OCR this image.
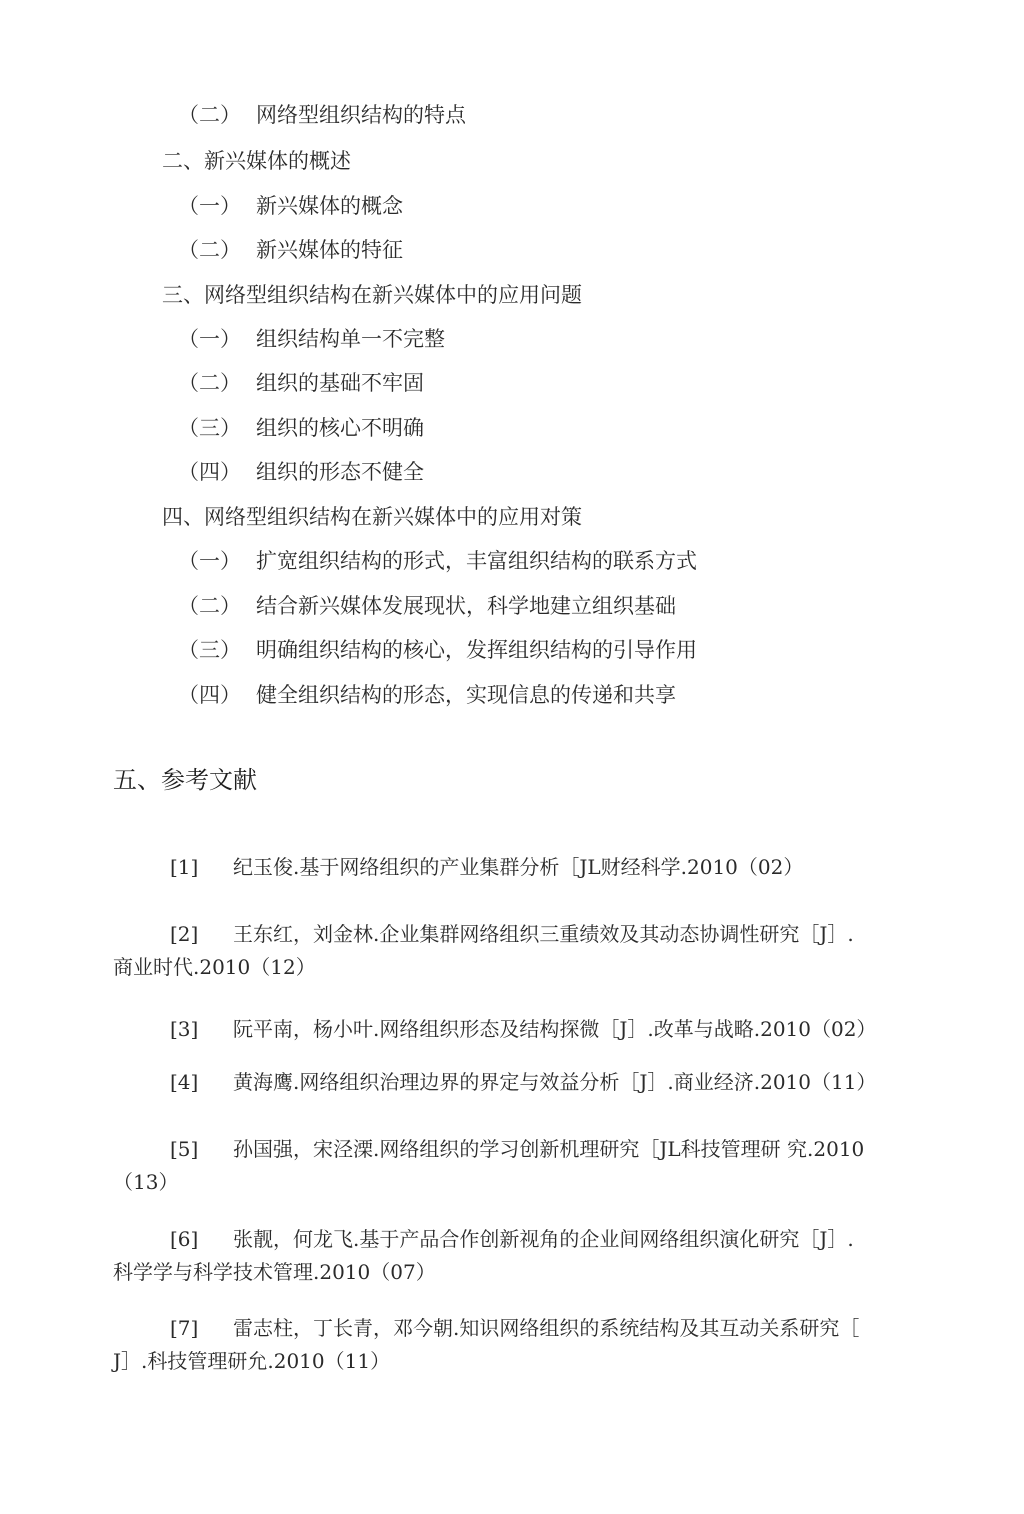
（二） 网络型组织结构的特点
二、新兴媒体的概述
（一） 新兴媒体的概念
（二） 新兴媒体的特征
三、网络型组织结构在新兴媒体中的应用问题
（一） 组织结构单一不完整
（二） 组织的基础不牢固
（三） 组织的核心不明确
（四） 组织的形态不健全
四、网络型组织结构在新兴媒体中的应用对策
（一） 扩宽组织结构的形式，丰富组织结构的联系方式
（二） 结合新兴媒体发展现状，科学地建立组织基础
（三） 明确组织结构的核心，发挥组织结构的引导作用
（四） 健全组织结构的形态，实现信息的传递和共享
五、参考文献
[1] 纪玉俊.基于网络组织的产业集群分析［JL财经科学.2010（02）
[2] 王东红，刘金林.企业集群网络组织三重绩效及其动态协调性研究［J］.
商业时代.2010（12）
[3] 阮平南，杨小叶.网络组织形态及结构探微［J］.改革与战略.2010（02）
[4] 黄海鹰.网络组织治理边界的界定与效益分析［J］.商业经济.2010（11）
[5] 孙国强，宋泾溧.网络组织的学习创新机理研究［JL科技管理研 究.2010
（13）
[6] 张靓，何龙飞.基于产品合作创新视角的企业间网络组织演化研究［J］.
科学学与科学技术管理.2010（07）
[7] 雷志柱，丁长青，邓今朝.知识网络组织的系统结构及其互动关系研究［
J］.科技管理研允.2010（11）
